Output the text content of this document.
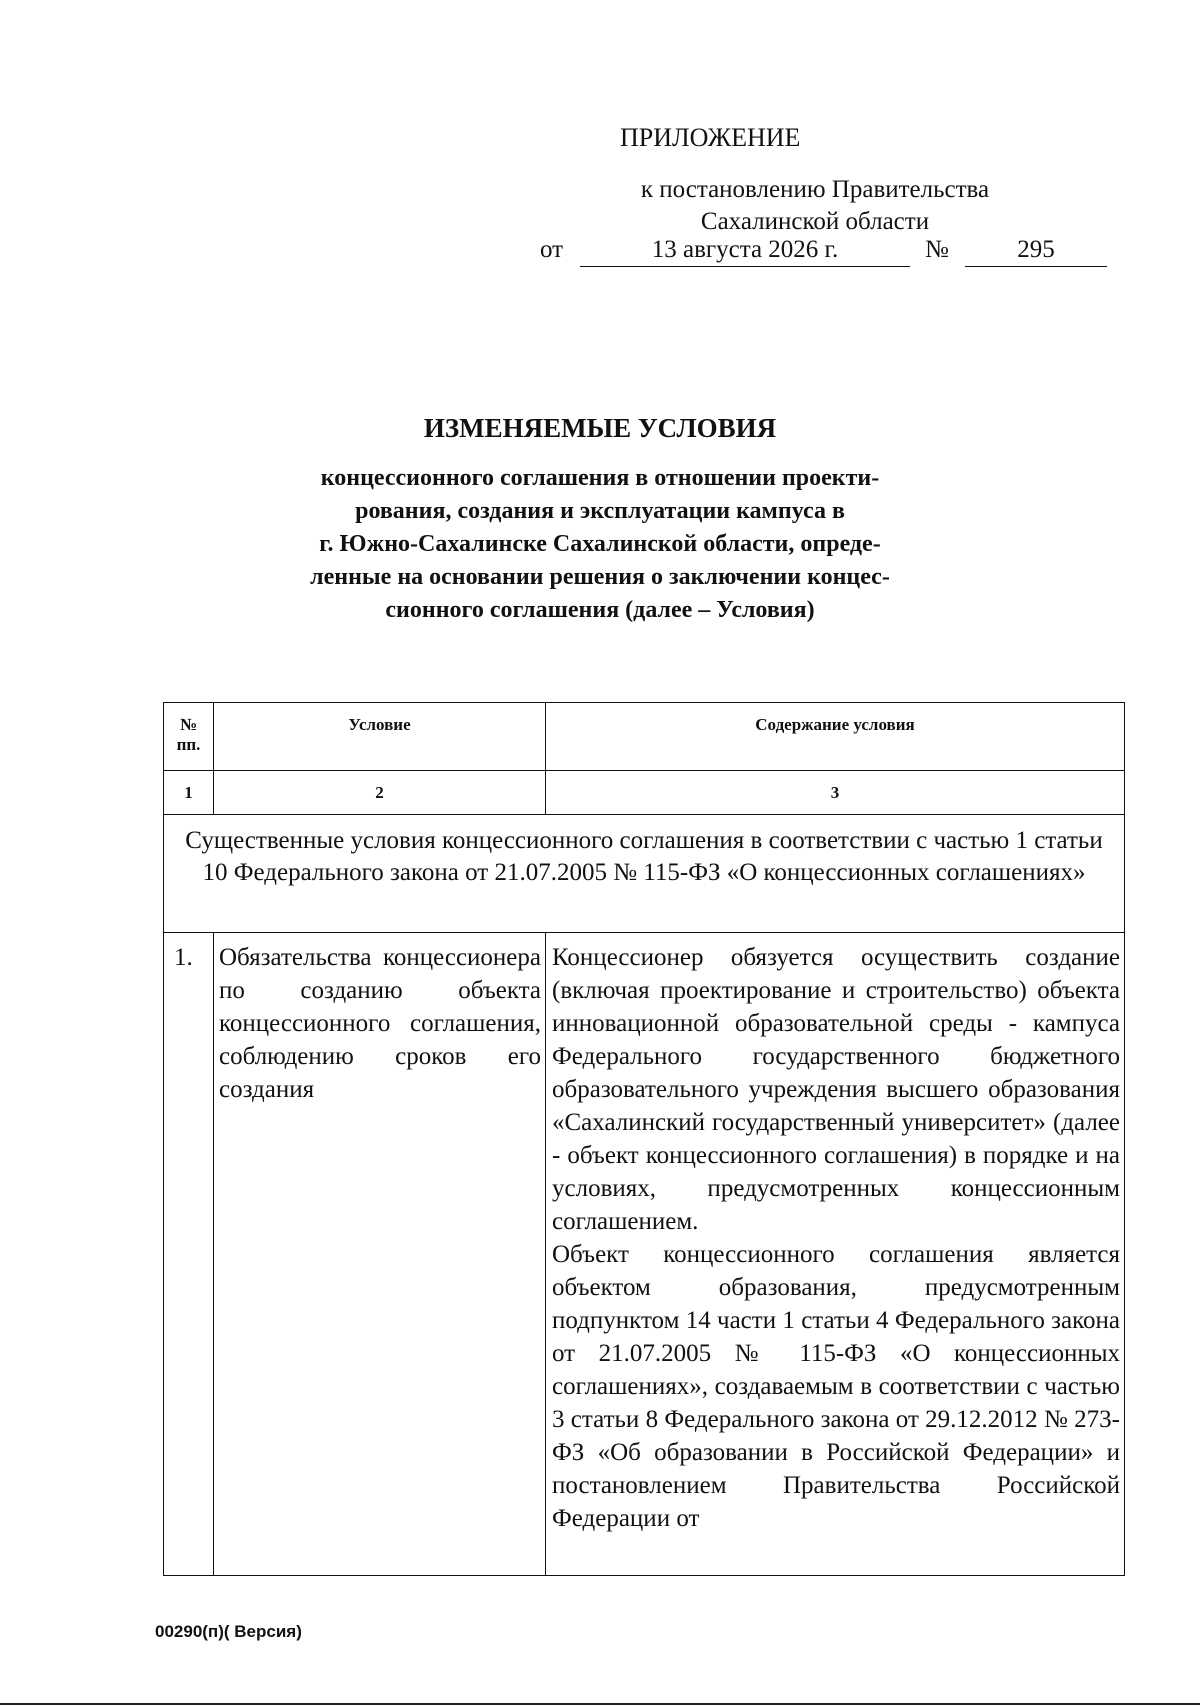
ПРИЛОЖЕНИЕ
к постановлению Правительства
Сахалинской области
от	13 августа 2026 г.	№	295
ИЗМЕНЯЕМЫЕ УСЛОВИЯ
концессионного соглашения в отношении проекти-
рования, создания и эксплуатации кампуса в
г. Южно-Сахалинске Сахалинской области, опреде-
ленные на основании решения о заключении концес-
сионного соглашения (далее – Условия)
№ пп.	Условие	Содержание условия
1	2	3
Существенные условия концессионного соглашения в соответствии с частью 1 статьи 10 Федерального закона от 21.07.2005 № 115-ФЗ «О концессионных соглашениях»		
1.	Обязательства концессионера по созданию объекта концессионного соглашения, соблюдению сроков его создания	Концессионер обязуется осуществить создание (включая проектирование и строительство) объекта инновационной образовательной среды - кампуса Федерального государственного бюджетного образовательного учреждения высшего образования «Сахалинский государственный университет» (далее - объект концессионного соглашения) в порядке и на условиях, предусмотренных концессионным соглашением.

Объект концессионного соглашения является объектом образования, предусмотренным подпунктом 14 части 1 статьи 4 Федерального закона от 21.07.2005 № 115-ФЗ «О концессионных соглашениях», создаваемым в соответствии с частью 3 статьи 8 Федерального закона от 29.12.2012 № 273-ФЗ «Об образовании в Российской Федерации» и постановлением Правительства Российской Федерации от

00290(п)( Версия)
